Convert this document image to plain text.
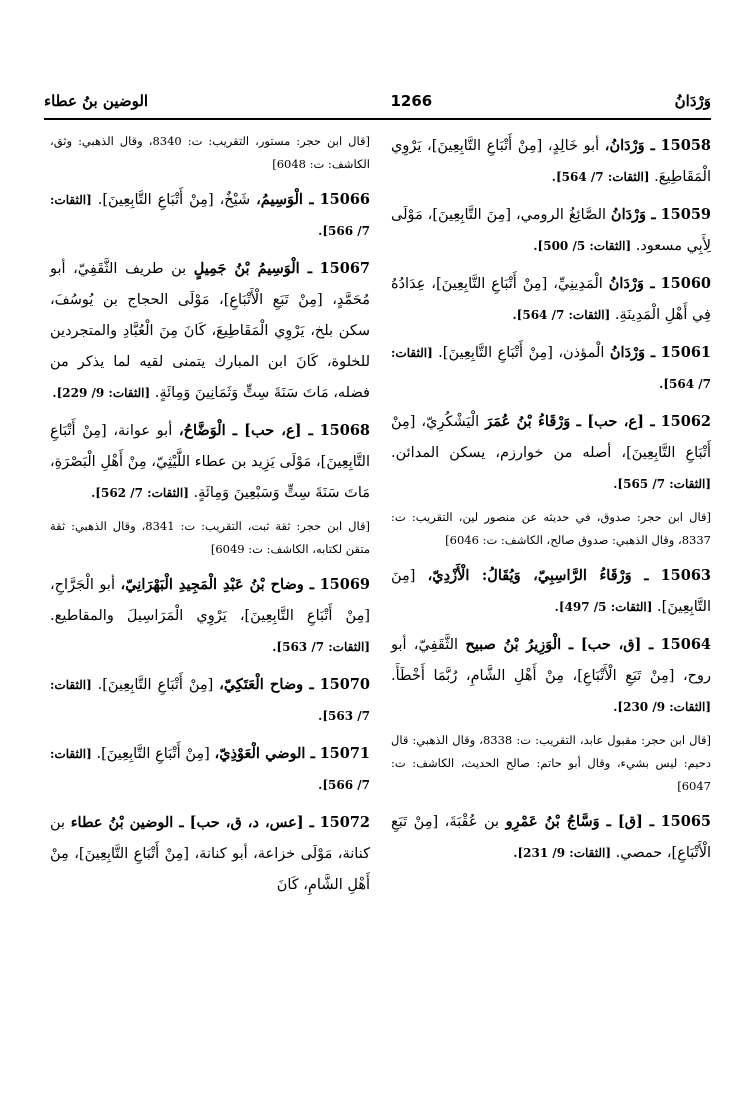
وَرْدَانُ
1266
الوضين بنُ عطاء

15058 ـ وَرْدَانُ، أبو خَالِدٍ، [مِنْ أَتْبَاعِ التَّابِعِينَ]، يَرْوِي الْمَقَاطِيعَ. [الثقات: 7/ 564].

15059 ـ وَرْدَانُ الصَّائِغُ الرومي، [مِنَ التَّابِعِينَ]، مَوْلَى لِأَبِي مسعود. [الثقات: 5/ 500].

15060 ـ وَرْدَانُ الْمَدِينِيِّ، [مِنْ أَتْبَاعِ التَّابِعِينَ]، عِدَادُهُ فِي أَهْلِ الْمَدِينَةِ. [الثقات: 7/ 564].

15061 ـ وَرْدَانُ الْمؤذن، [مِنْ أَتْبَاعِ التَّابِعِينَ]. [الثقات: 7/ 564].

15062 ـ [ع، حب] ـ وَرْقَاءُ بْنُ عُمَرَ الْيَشْكُرِيّ، [مِنْ أَتْبَاعِ التَّابِعِينَ]، أصله من خوارزم، يسكن المدائن. [الثقات: 7/ 565].

[قال ابن حجر: صدوق، في حديثه عن منصور لين، التقريب: ت: 8337، وقال الذهبي: صدوق صالح، الكاشف: ت: 6046]

15063 ـ وَرْقَاءُ الرَّاسِبِيّ، وَيُقَالُ: الْأَزْدِيّ، [مِنَ التَّابِعِينَ]. [الثقات: 5/ 497].

15064 ـ [ق، حب] ـ الْوَزِيرُ بْنُ صبيح الثَّقَفِيّ، أبو روح، [مِنْ تَبَعِ الْأَتْبَاعِ]، مِنْ أَهْلِ الشَّامِ، رُبَّمَا أَخْطَأَ. [الثقات: 9/ 230].

[قال ابن حجر: مقبول عابد، التقريب: ت: 8338، وقال الذهبي: قال دحيم: ليس بشيء، وقال أبو حاتم: صالح الحديث، الكاشف: ت: 6047]

15065 ـ [ق] ـ وَسَّاجُ بْنُ عَمْرِو بن عُقْبَةَ، [مِنْ تَبَعِ الْأَتْبَاعِ]، حمصي. [الثقات: 9/ 231].

[قال ابن حجر: مستور، التقريب: ت: 8340، وقال الذهبي: وثق، الكاشف: ت: 6048]

15066 ـ الْوَسِيمُ، شَيْخٌ، [مِنْ أَتْبَاعِ التَّابِعِينَ]. [الثقات: 7/ 566].

15067 ـ الْوَسِيمُ بْنُ جَمِيلٍ بن طريف الثَّقَفِيّ، أبو مُحَمَّدٍ، [مِنْ تَبَعِ الْأَتْبَاعِ]، مَوْلَى الحجاج بن يُوسُفَ، سكن بلخ، يَرْوِي الْمَقَاطِيعَ، كَانَ مِنَ الْعُبَّادِ والمتجردين للخلوة، كَانَ ابن المبارك يتمنى لقيه لما يذكر من فضله، مَاتَ سَنَةَ سِتٍّ وَثَمَانِينَ وَمِائَةٍ. [الثقات: 9/ 229].

15068 ـ [ع، حب] ـ الْوَضَّاحُ، أبو عوانة، [مِنْ أَتْبَاعِ التَّابِعِينَ]، مَوْلَى يَزِيد بن عطاء اللَّيْثِيّ، مِنْ أَهْلِ الْبَصْرَةِ، مَاتَ سَنَةَ سِتٍّ وَسَبْعِينَ وَمِائَةٍ. [الثقات: 7/ 562].

[قال ابن حجر: ثقة ثبت، التقريب: ت: 8341، وقال الذهبي: ثقة متقن لكتابه، الكاشف: ت: 6049]

15069 ـ وضاح بْنُ عَبْدِ الْمَجِيدِ الْبَهْرَانِيّ، أبو الْجَرَّاحِ، [مِنْ أَتْبَاعِ التَّابِعِينَ]، يَرْوِي الْمَرَاسِيلَ والمقاطيع. [الثقات: 7/ 563].

15070 ـ وضاح الْعَتَكِيّ، [مِنْ أَتْبَاعِ التَّابِعِينَ]. [الثقات: 7/ 563].

15071 ـ الوضي الْعَوْذِيّ، [مِنْ أَتْبَاعِ التَّابِعِينَ]. [الثقات: 7/ 566].

15072 ـ [عس، د، ق، حب] ـ الوضين بْنُ عطاء بن كنانة، مَوْلَى خزاعة، أبو كنانة، [مِنْ أَتْبَاعِ التَّابِعِينَ]، مِنْ أَهْلِ الشَّامِ، كَانَ
